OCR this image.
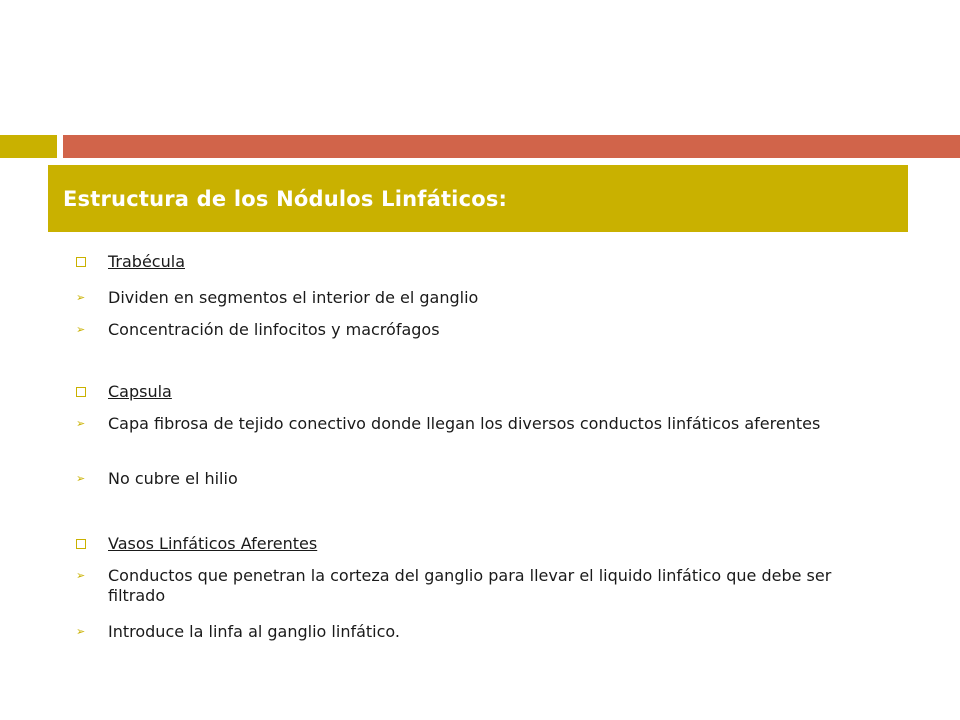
Estructura de los Nódulos Linfáticos:
Trabécula
➢ Dividen en segmentos el interior de el ganglio
➢ Concentración de linfocitos y macrófagos
Capsula
➢ Capa fibrosa de tejido conectivo donde llegan los diversos conductos linfáticos aferentes
➢ No cubre el hilio
Vasos Linfáticos Aferentes
➢ Conductos que penetran la corteza del ganglio para llevar el liquido linfático que debe ser filtrado
➢ Introduce la linfa al ganglio linfático.
